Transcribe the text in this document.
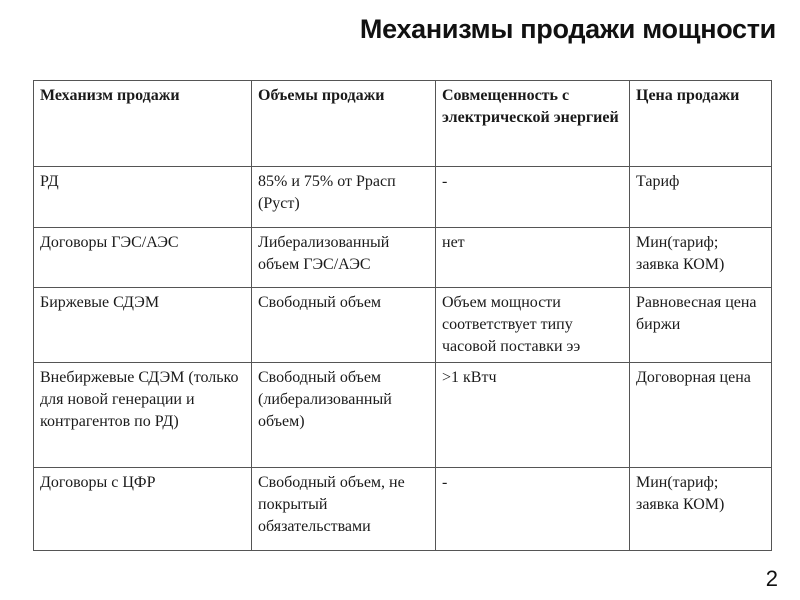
Механизмы продажи мощности
Механизм продажи	Объемы продажи	Совмещенность с электрической энергией	Цена продажи
РД	85% и 75% от Ррасп (Руст)	-	Тариф
Договоры ГЭС/АЭС	Либерализованный объем ГЭС/АЭС	нет	Мин(тариф; заявка КОМ)
Биржевые СДЭМ	Свободный объем	Объем мощности соответствует типу часовой поставки ээ	Равновесная цена биржи
Внебиржевые СДЭМ (только для новой генерации и контрагентов по РД)	Свободный объем (либерализованный объем)	>1 кВтч	Договорная цена
Договоры с ЦФР	Свободный объем, не покрытый обязательствами	-	Мин(тариф; заявка КОМ)
2
